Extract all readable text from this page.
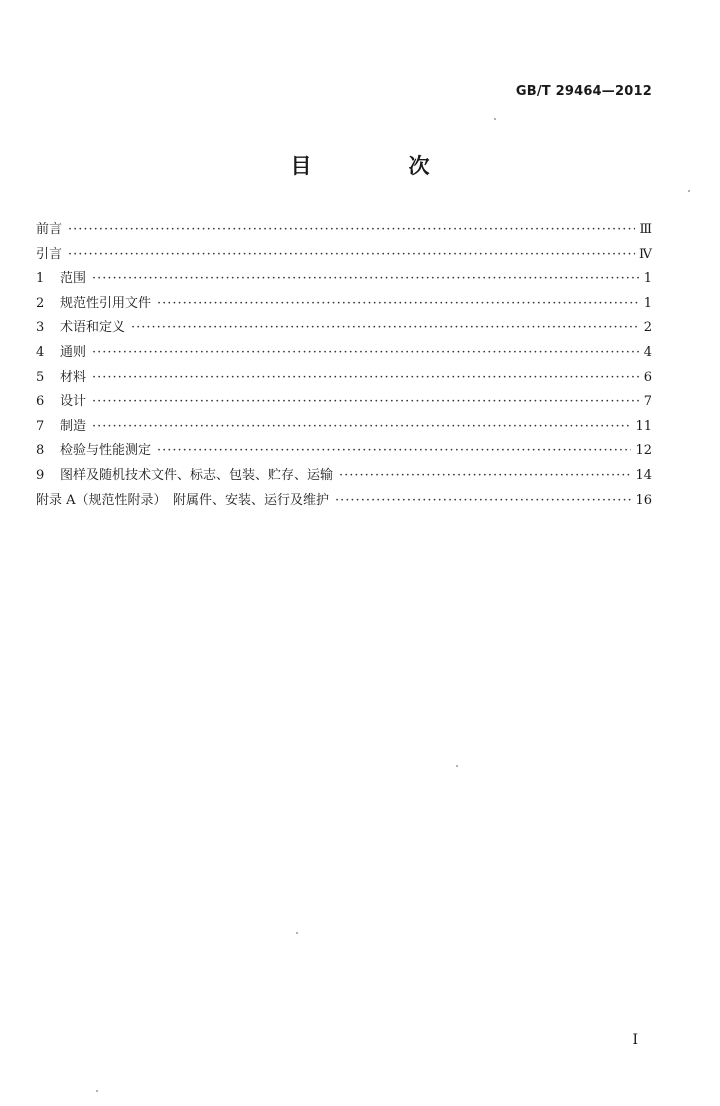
GB/T 29464—2012
目　次
前言 ·····	Ⅲ
引言 ·····	Ⅳ
1	范围 ·····	1
2	规范性引用文件 ·····	1
3	术语和定义 ·····	2
4	通则 ·····	4
5	材料 ·····	6
6	设计 ·····	7
7	制造 ·····	11
8	检验与性能测定 ·····	12
9	图样及随机技术文件、标志、包装、贮存、运输 ·····	14
附录 A（规范性附录）　附属件、安装、运行及维护 ·····	16
I
